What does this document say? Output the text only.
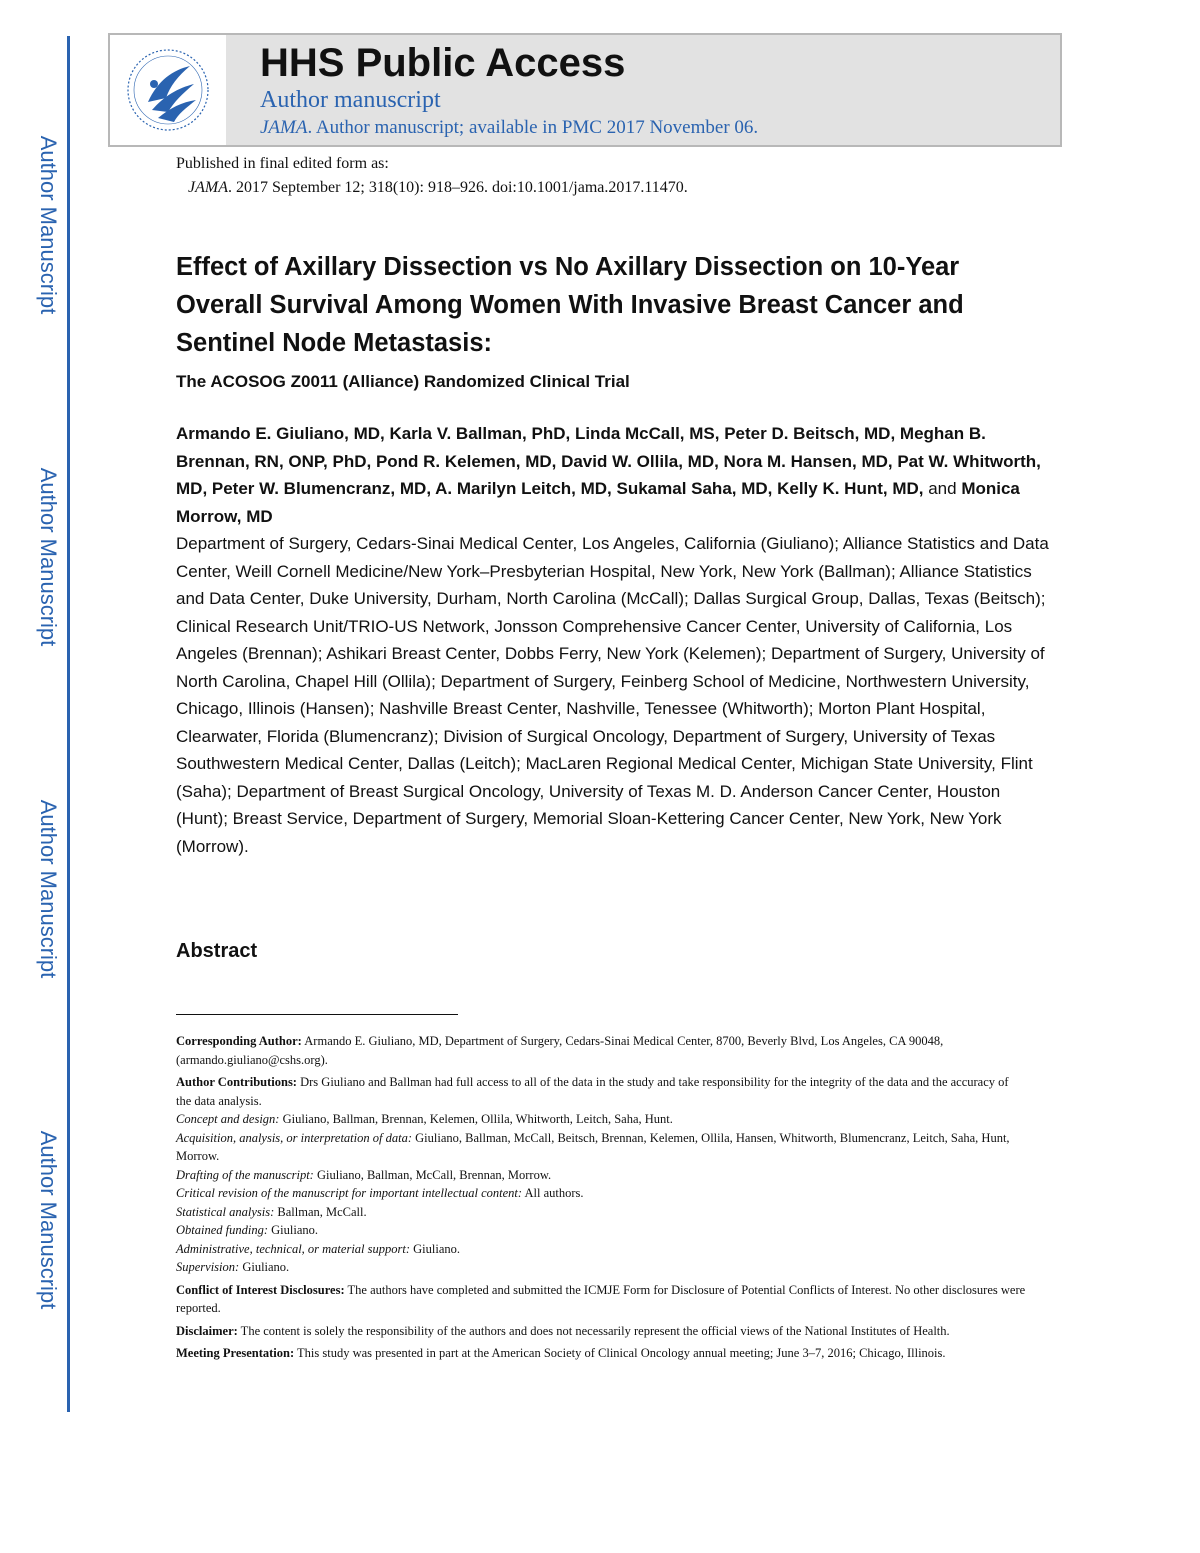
Author Manuscript
Author Manuscript
Author Manuscript
Author Manuscript
HHS Public Access
Author manuscript
JAMA. Author manuscript; available in PMC 2017 November 06.
Published in final edited form as:
JAMA. 2017 September 12; 318(10): 918–926. doi:10.1001/jama.2017.11470.
Effect of Axillary Dissection vs No Axillary Dissection on 10-Year
Overall Survival Among Women With Invasive Breast Cancer and
Sentinel Node Metastasis:
The ACOSOG Z0011 (Alliance) Randomized Clinical Trial
Armando E. Giuliano, MD, Karla V. Ballman, PhD, Linda McCall, MS, Peter D. Beitsch, MD, Meghan B. Brennan, RN, ONP, PhD, Pond R. Kelemen, MD, David W. Ollila, MD, Nora M. Hansen, MD, Pat W. Whitworth, MD, Peter W. Blumencranz, MD, A. Marilyn Leitch, MD, Sukamal Saha, MD, Kelly K. Hunt, MD, and Monica Morrow, MD
Department of Surgery, Cedars-Sinai Medical Center, Los Angeles, California (Giuliano); Alliance Statistics and Data Center, Weill Cornell Medicine/New York–Presbyterian Hospital, New York, New York (Ballman); Alliance Statistics and Data Center, Duke University, Durham, North Carolina (McCall); Dallas Surgical Group, Dallas, Texas (Beitsch); Clinical Research Unit/TRIO-US Network, Jonsson Comprehensive Cancer Center, University of California, Los Angeles (Brennan); Ashikari Breast Center, Dobbs Ferry, New York (Kelemen); Department of Surgery, University of North Carolina, Chapel Hill (Ollila); Department of Surgery, Feinberg School of Medicine, Northwestern University, Chicago, Illinois (Hansen); Nashville Breast Center, Nashville, Tenessee (Whitworth); Morton Plant Hospital, Clearwater, Florida (Blumencranz); Division of Surgical Oncology, Department of Surgery, University of Texas Southwestern Medical Center, Dallas (Leitch); MacLaren Regional Medical Center, Michigan State University, Flint (Saha); Department of Breast Surgical Oncology, University of Texas M. D. Anderson Cancer Center, Houston (Hunt); Breast Service, Department of Surgery, Memorial Sloan-Kettering Cancer Center, New York, New York (Morrow).
Abstract

Corresponding Author: Armando E. Giuliano, MD, Department of Surgery, Cedars-Sinai Medical Center, 8700, Beverly Blvd, Los Angeles, CA 90048, (armando.giuliano@cshs.org).

Author Contributions: Drs Giuliano and Ballman had full access to all of the data in the study and take responsibility for the integrity of the data and the accuracy of the data analysis.

Concept and design: Giuliano, Ballman, Brennan, Kelemen, Ollila, Whitworth, Leitch, Saha, Hunt.

Acquisition, analysis, or interpretation of data: Giuliano, Ballman, McCall, Beitsch, Brennan, Kelemen, Ollila, Hansen, Whitworth, Blumencranz, Leitch, Saha, Hunt, Morrow.

Drafting of the manuscript: Giuliano, Ballman, McCall, Brennan, Morrow.

Critical revision of the manuscript for important intellectual content: All authors.

Statistical analysis: Ballman, McCall.

Obtained funding: Giuliano.

Administrative, technical, or material support: Giuliano.

Supervision: Giuliano.

Conflict of Interest Disclosures: The authors have completed and submitted the ICMJE Form for Disclosure of Potential Conflicts of Interest. No other disclosures were reported.

Disclaimer: The content is solely the responsibility of the authors and does not necessarily represent the official views of the National Institutes of Health.

Meeting Presentation: This study was presented in part at the American Society of Clinical Oncology annual meeting; June 3–7, 2016; Chicago, Illinois.
